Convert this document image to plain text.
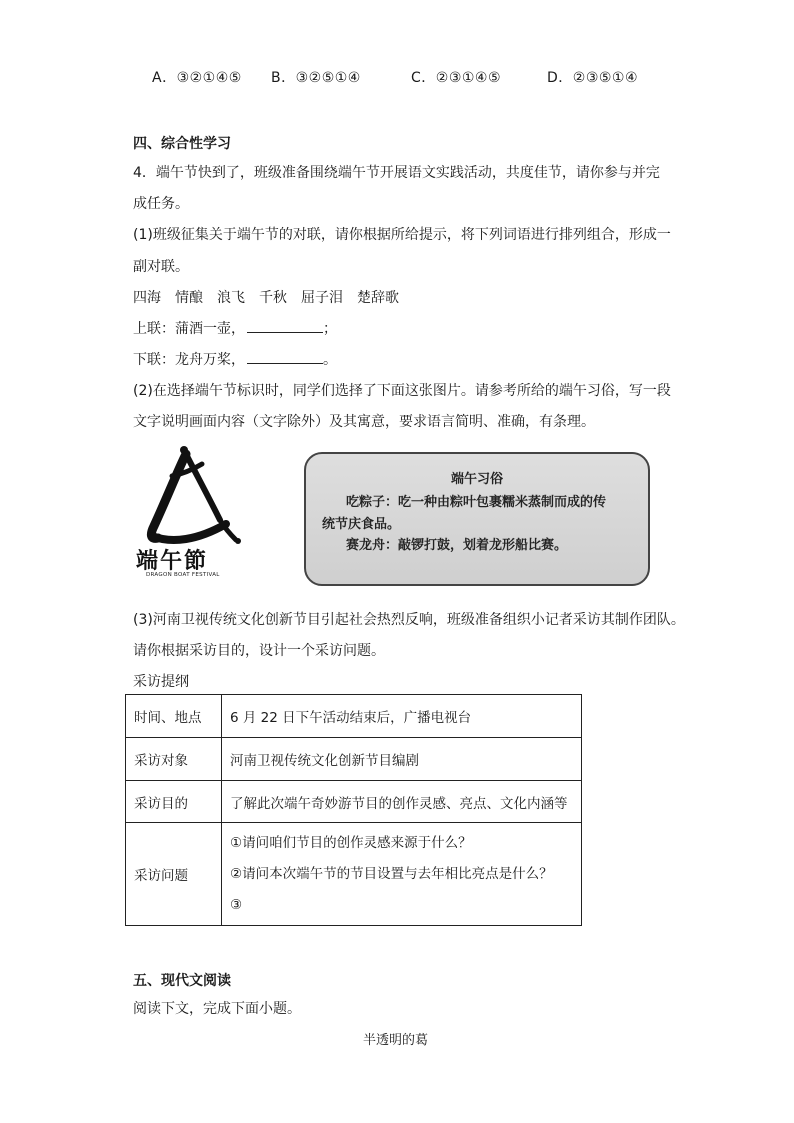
A．③②①④⑤ B．③②⑤①④	C．②③①④⑤	D．②③⑤①④
四、综合性学习
4．端午节快到了，班级准备围绕端午节开展语文实践活动，共度佳节，请你参与并完
成任务。
(1)班级征集关于端午节的对联，请你根据所给提示，将下列词语进行排列组合，形成一
副对联。
四海　情酿　浪飞　千秋　屈子泪　楚辞歌
上联：蒲酒一壶，	；
下联：龙舟万桨，	。
(2)在选择端午节标识时，同学们选择了下面这张图片。请参考所给的端午习俗，写一段
文字说明画面内容（文字除外）及其寓意，要求语言简明、准确，有条理。
端午節
DRAGON BOAT FESTIVAL
端午习俗
吃粽子：吃一种由粽叶包裹糯米蒸制而成的传
统节庆食品。
赛龙舟：敲锣打鼓，划着龙形船比赛。
(3)河南卫视传统文化创新节目引起社会热烈反响，班级准备组织小记者采访其制作团队。
请你根据采访目的，设计一个采访问题。
采访提纲
时间、地点	6 月 22 日下午活动结束后，广播电视台
采访对象	河南卫视传统文化创新节目编剧
采访目的	了解此次端午奇妙游节目的创作灵感、亮点、文化内涵等
采访问题	①请问咱们节目的创作灵感来源于什么？
②请问本次端午节的节目设置与去年相比亮点是什么？
③
五、现代文阅读
阅读下文，完成下面小题。
半透明的葛
